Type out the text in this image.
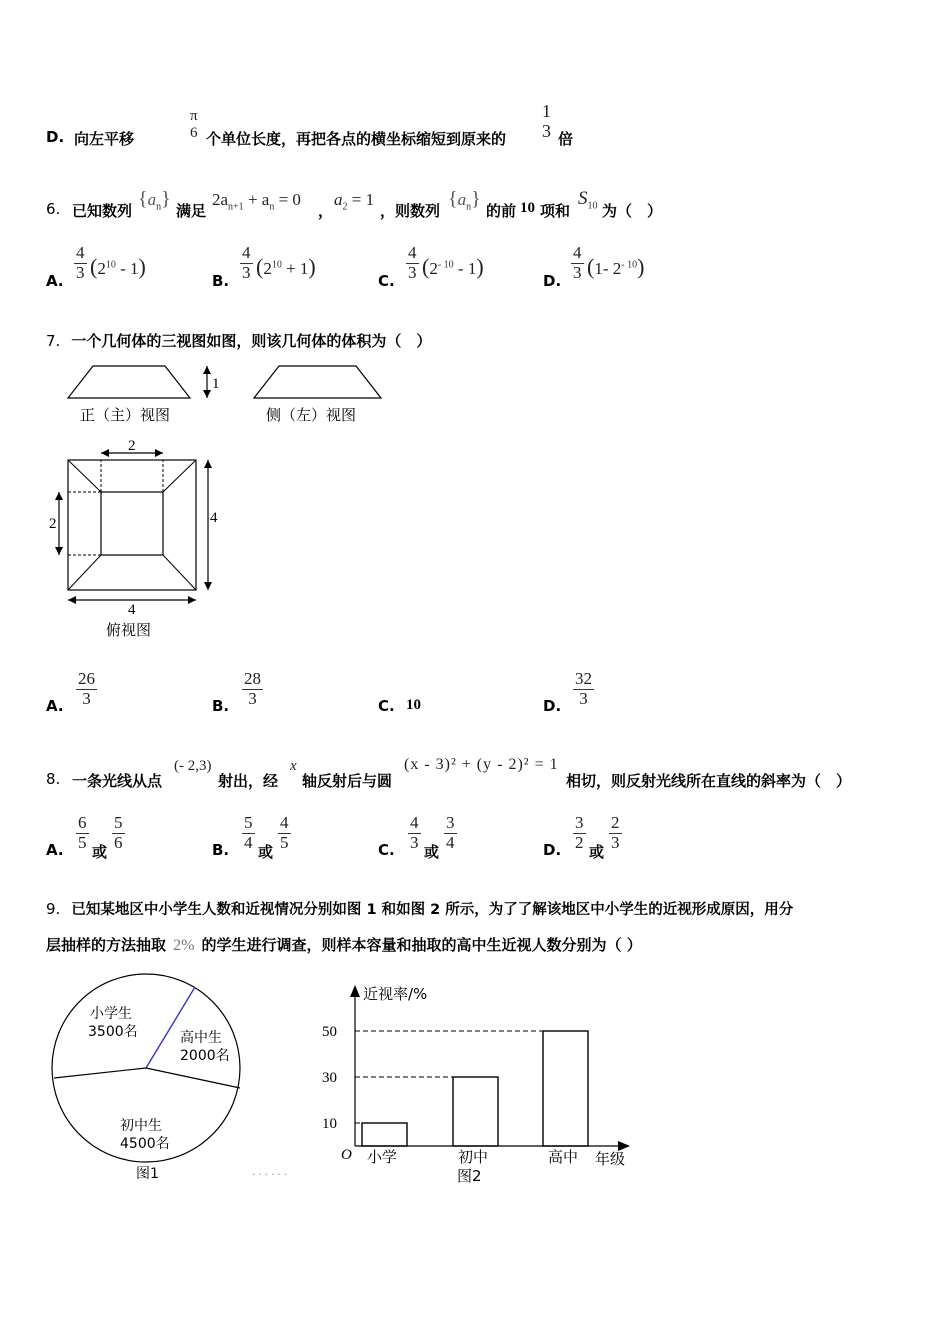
D. 向左平移
π
6 个单位长度，再把各点的横坐标缩短到原来的
1
3 倍
6. 已知数列
$\{a_n\}$
满足
$2a_{n+1} + a_n = 0$
，
$a_2 = 1$
，则数列
$\{a_n\}$
的前 10 项和
$S_{10}$ 为（　）
A. $\frac{4}{3} (2^{10} - 1)$
B. $\frac{4}{3} (2^{10} + 1)$
C. $\frac{4}{3} (2^{- 10} - 1)$
D. $\frac{4}{3} (1-$ $2^{- 10}$)
7. 一个几何体的三视图如图，则该几何体的体积为（　）
1
正（主）视图	侧（左）视图
2
2	4
4
俯视图
A. $\frac{26}{3}$	B. $\frac{28}{3}$	C. 10	D. $\frac{32}{3}$
8. 一条光线从点
(- 2,3)
射出，经
x
轴反射后与圆
(x - 3)² + (y - 2)² = 1
相切，则反射光线所在直线的斜率为（　）
A. $\frac{6}{5}$ 或 $\frac{5}{6}$	B. $\frac{5}{4}$ 或 $\frac{4}{5}$	C. $\frac{4}{3}$ 或 $\frac{3}{4}$	D. $\frac{3}{2}$ 或 $\frac{2}{3}$
9. 已知某地区中小学生人数和近视情况分别如图 1 和如图 2 所示，为了了解该地区中小学生的近视形成原因，用分
层抽样的方法抽取 2% 的学生进行调查，则样本容量和抽取的高中生近视人数分别为（ ）
小学生
3500名	高中生
2000名
初中生
4500名
图1	· · · · · ·
近视率/%
O	年级
10
30
50
小学	初中	高中
图2
